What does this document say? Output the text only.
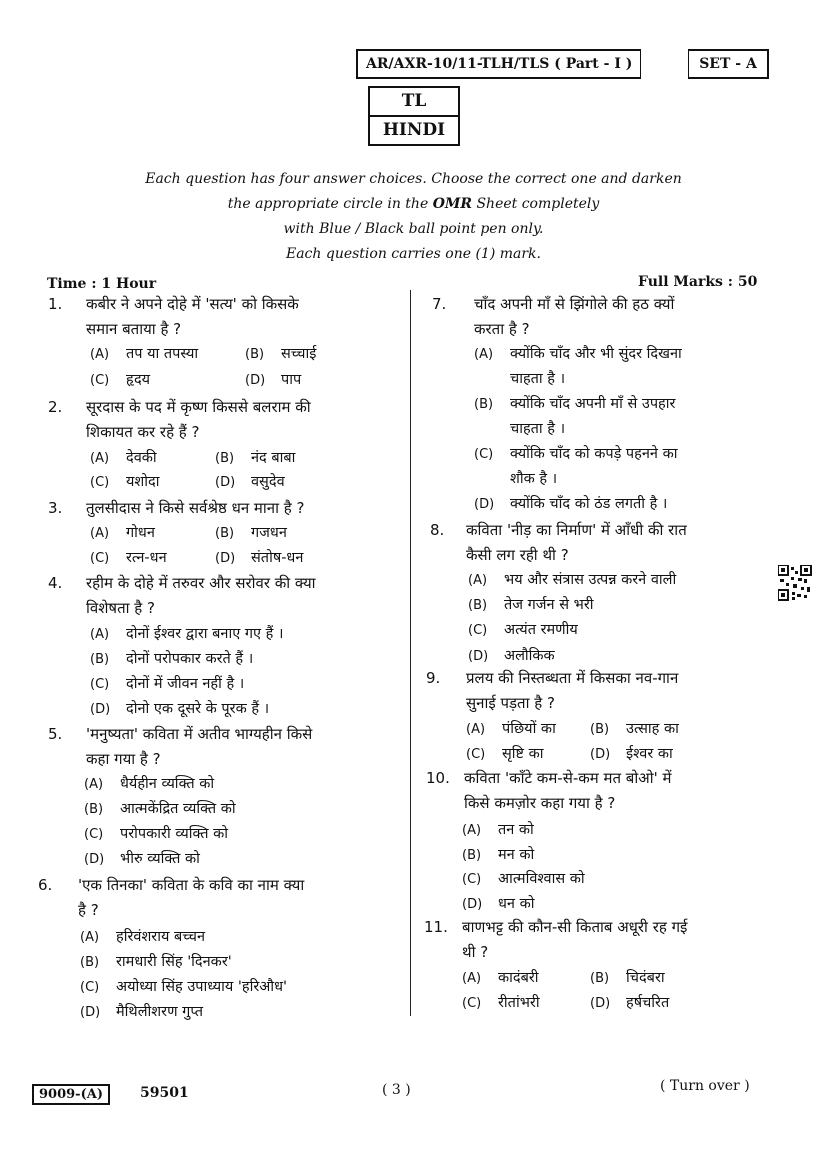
AR/AXR-10/11-TLH/TLS ( Part - I )	SET - A
TL
HINDI
Each question has four answer choices. Choose the correct one and darken
the appropriate circle in the OMR Sheet completely
with Blue / Black ball point pen only.
Each question carries one (1) mark.
Time : 1 Hour	Full Marks : 50
1.	कबीर ने अपने दोहे में 'सत्य' को किसके
समान बताया है ?
(A) तप या तपस्या	(B) सच्चाई
(C) हृदय	(D) पाप
2.	सूरदास के पद में कृष्ण किससे बलराम की
शिकायत कर रहे हैं ?
(A) देवकी	(B) नंद बाबा
(C) यशोदा	(D) वसुदेव
3.	तुलसीदास ने किसे सर्वश्रेष्ठ धन माना है ?
(A) गोधन	(B) गजधन
(C) रत्न-धन	(D) संतोष-धन
4.	रहीम के दोहे में तरुवर और सरोवर की क्या
विशेषता है ?
(A) दोनों ईश्वर द्वारा बनाए गए हैं ।
(B) दोनों परोपकार करते हैं ।
(C) दोनों में जीवन नहीं है ।
(D) दोनो एक दूसरे के पूरक हैं ।
5.	'मनुष्यता' कविता में अतीव भाग्यहीन किसे
कहा गया है ?
(A) धैर्यहीन व्यक्ति को
(B) आत्मकेंद्रित व्यक्ति को
(C) परोपकारी व्यक्ति को
(D) भीरु व्यक्ति को
6.	'एक तिनका' कविता के कवि का नाम क्या
है ?
(A) हरिवंशराय बच्चन
(B) रामधारी सिंह 'दिनकर'
(C) अयोध्या सिंह उपाध्याय 'हरिऔध'
(D) मैथिलीशरण गुप्त
7.	चाँद अपनी माँ से झिंगोले की हठ क्यों
करता है ?
(A) क्योंकि चाँद और भी सुंदर दिखना
चाहता है ।
(B) क्योंकि चाँद अपनी माँ से उपहार
चाहता है ।
(C) क्योंकि चाँद को कपड़े पहनने का
शौक है ।
(D) क्योंकि चाँद को ठंड लगती है ।
8.	कविता 'नीड़ का निर्माण' में आँधी की रात
कैसी लग रही थी ?
(A) भय और संत्रास उत्पन्न करने वाली
(B) तेज गर्जन से भरी
(C) अत्यंत रमणीय
(D) अलौकिक
9.	प्रलय की निस्तब्धता में किसका नव-गान
सुनाई पड़ता है ?
(A) पंछियों का	(B) उत्साह का
(C) सृष्टि का	(D) ईश्वर का
10. कविता 'काँटे कम-से-कम मत बोओ' में
किसे कमज़ोर कहा गया है ?
(A) तन को
(B) मन को
(C) आत्मविश्वास को
(D) धन को
11. बाणभट्ट की कौन-सी किताब अधूरी रह गई
थी ?
(A) कादंबरी	(B) चिदंबरा
(C) रीतांभरी	(D) हर्षचरित
9009-(A)	59501	( 3 )	( Turn over )
